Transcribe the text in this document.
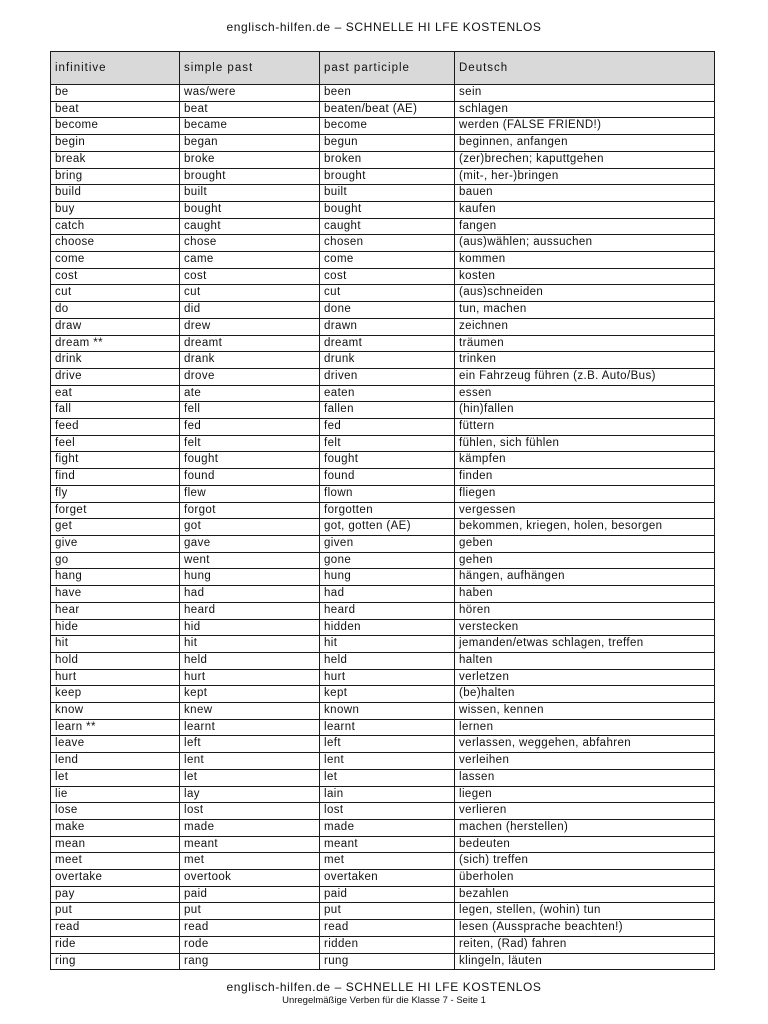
englisch-hilfen.de – SCHNELLE HI LFE KOSTENLOS
infinitive	simple past	past participle	Deutsch
be	was/were	been	sein
beat	beat	beaten/beat (AE)	schlagen
become	became	become	werden (FALSE FRIEND!)
begin	began	begun	beginnen, anfangen
break	broke	broken	(zer)brechen; kaputtgehen
bring	brought	brought	(mit-, her-)bringen
build	built	built	bauen
buy	bought	bought	kaufen
catch	caught	caught	fangen
choose	chose	chosen	(aus)wählen; aussuchen
come	came	come	kommen
cost	cost	cost	kosten
cut	cut	cut	(aus)schneiden
do	did	done	tun, machen
draw	drew	drawn	zeichnen
dream **	dreamt	dreamt	träumen
drink	drank	drunk	trinken
drive	drove	driven	ein Fahrzeug führen (z.B. Auto/Bus)
eat	ate	eaten	essen
fall	fell	fallen	(hin)fallen
feed	fed	fed	füttern
feel	felt	felt	fühlen, sich fühlen
fight	fought	fought	kämpfen
find	found	found	finden
fly	flew	flown	fliegen
forget	forgot	forgotten	vergessen
get	got	got, gotten (AE)	bekommen, kriegen, holen, besorgen
give	gave	given	geben
go	went	gone	gehen
hang	hung	hung	hängen, aufhängen
have	had	had	haben
hear	heard	heard	hören
hide	hid	hidden	verstecken
hit	hit	hit	jemanden/etwas schlagen, treffen
hold	held	held	halten
hurt	hurt	hurt	verletzen
keep	kept	kept	(be)halten
know	knew	known	wissen, kennen
learn **	learnt	learnt	lernen
leave	left	left	verlassen, weggehen, abfahren
lend	lent	lent	verleihen
let	let	let	lassen
lie	lay	lain	liegen
lose	lost	lost	verlieren
make	made	made	machen (herstellen)
mean	meant	meant	bedeuten
meet	met	met	(sich) treffen
overtake	overtook	overtaken	überholen
pay	paid	paid	bezahlen
put	put	put	legen, stellen, (wohin) tun
read	read	read	lesen (Aussprache beachten!)
ride	rode	ridden	reiten, (Rad) fahren
ring	rang	rung	klingeln, läuten
englisch-hilfen.de – SCHNELLE HI LFE KOSTENLOS
Unregelmäßige Verben für die Klasse 7 - Seite 1
